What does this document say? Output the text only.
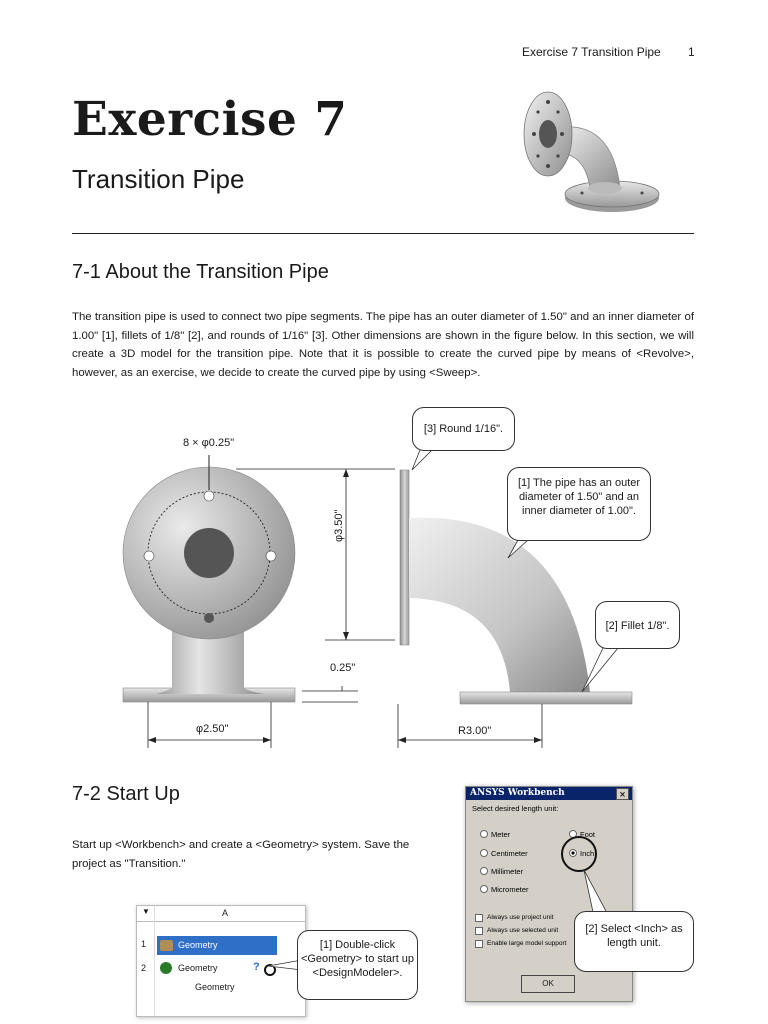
Exercise 7 Transition Pipe 1
Exercise 7
Transition Pipe
7-1 About the Transition Pipe
The transition pipe is used to connect two pipe segments. The pipe has an outer diameter of 1.50" and an inner diameter of 1.00" [1], fillets of 1/8" [2], and rounds of 1/16" [3]. Other dimensions are shown in the figure below. In this section, we will create a 3D model for the transition pipe. Note that it is possible to create the curved pipe by means of <Revolve>, however, as an exercise, we decide to create the curved pipe by using <Sweep>.
8 × φ0.25"
φ3.50"
0.25"
φ2.50"	R3.00"
[3] Round 1/16".
[1] The pipe has an outer diameter of 1.50" and an inner diameter of 1.00".
[2] Fillet 1/8".
7-2 Start Up
Start up <Workbench> and create a <Geometry> system. Save the project as "Transition."
▼	A
1	Geometry
2	Geometry	?
Geometry
[1] Double-click <Geometry> to start up <DesignModeler>.
ANSYS Workbench	×
Select desired length unit:
Meter
Centimeter
Millimeter
Micrometer
Foot
Inch
Always use project unit
Always use selected unit
Enable large model support
OK
[2] Select <Inch> as length unit.
